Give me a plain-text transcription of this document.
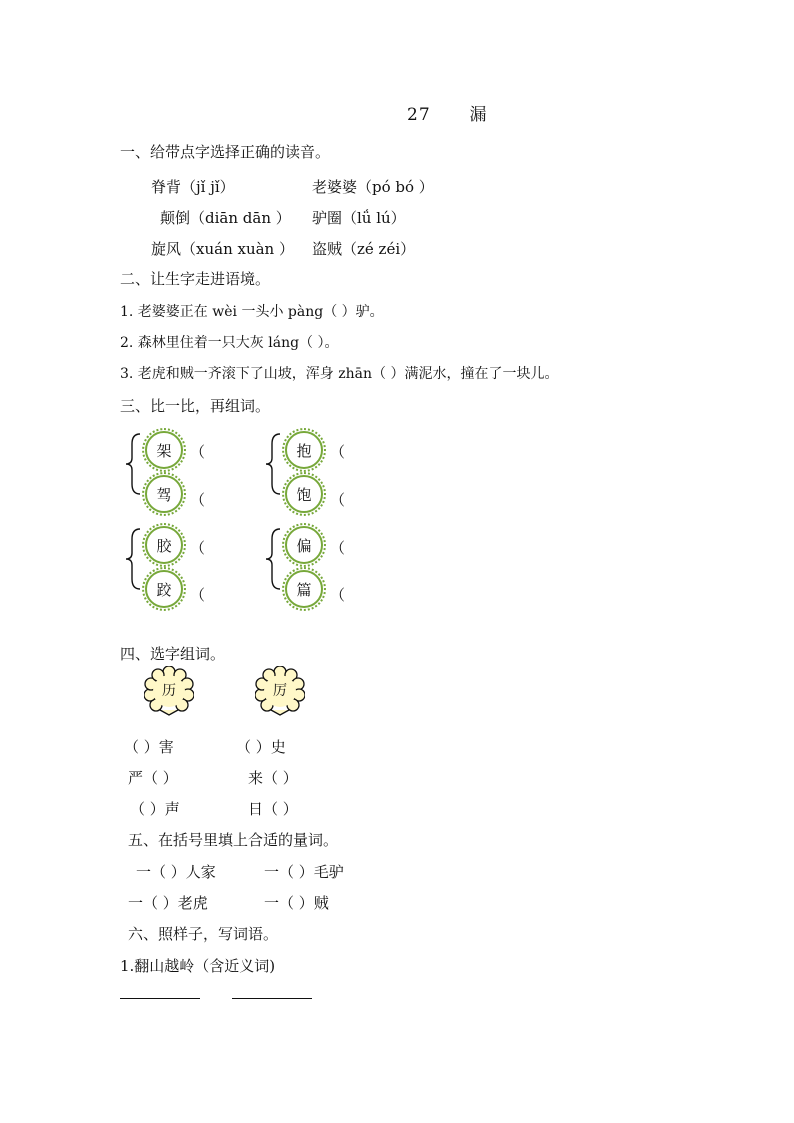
27 漏
一、给带点字选择正确的读音。
脊背（jǐ jǐ）	老婆婆（pó bó ）
颠倒（diān dān ） 驴圈（lǘ lú）
旋风（xuán xuàn ） 盗贼（zé zéi）
二、让生字走进语境。
1. 老婆婆正在 wèi 一头小 pàng（ ）驴。
2. 森林里住着一只大灰 láng（ ）。
3. 老虎和贼一齐滚下了山坡，浑身 zhān（ ）满泥水，撞在了一块儿。
三、比一比，再组词。
架
驾
（
（
抱
饱
（
（
胶
跤
（
（
偏
篇
（
（
四、选字组词。
历	厉
（ ）害	（ ）史
严（ ）	来（ ）
（ ）声	日（ ）
五、在括号里填上合适的量词。
一（ ）人家	一（ ）毛驴
一（ ）老虎	一（ ）贼
六、照样子，写词语。
1.翻山越岭（含近义词)
